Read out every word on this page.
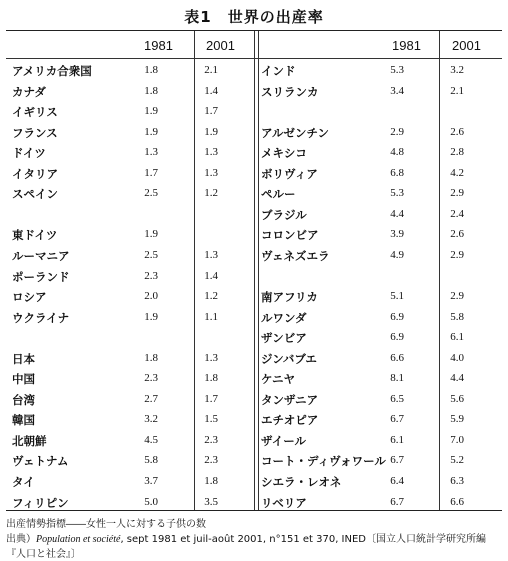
表1　世界の出産率
1981	2001	1981 2001
アメリカ合衆国	1.8	2.1
カナダ	1.8	1.4
イギリス	1.9	1.7
フランス	1.9	1.9
ドイツ	1.3	1.3
イタリア	1.7	1.3
スペイン	2.5	1.2
東ドイツ	1.9
ルーマニア	2.5	1.3
ポーランド	2.3	1.4
ロシア	2.0	1.2
ウクライナ	1.9	1.1
日本	1.8	1.3
中国	2.3	1.8
台湾	2.7	1.7
韓国	3.2	1.5
北朝鮮	4.5	2.3
ヴェトナム	5.8	2.3
タイ	3.7	1.8
フィリピン	5.0	3.5
インド	5.3	3.2
スリランカ	3.4	2.1
アルゼンチン	2.9	2.6
メキシコ	4.8	2.8
ボリヴィア	6.8	4.2
ペルー	5.3	2.9
ブラジル	4.4	2.4
コロンビア	3.9	2.6
ヴェネズエラ	4.9	2.9
南アフリカ	5.1	2.9
ルワンダ	6.9	5.8
ザンビア	6.9	6.1
ジンバブエ	6.6	4.0
ケニヤ	8.1	4.4
タンザニア	6.5	5.6
エチオピア	6.7	5.9
ザイール	6.1	7.0
コート・ディヴォワール 6.7	5.2
シエラ・レオネ	6.4	6.3
リベリア	6.7	6.6
出産情勢指標――女性一人に対する子供の数
出典）Population et société, sept 1981 et juil-août 2001, n°151 et 370, INED〔国立人口統計学研究所編
『人口と社会』〕
